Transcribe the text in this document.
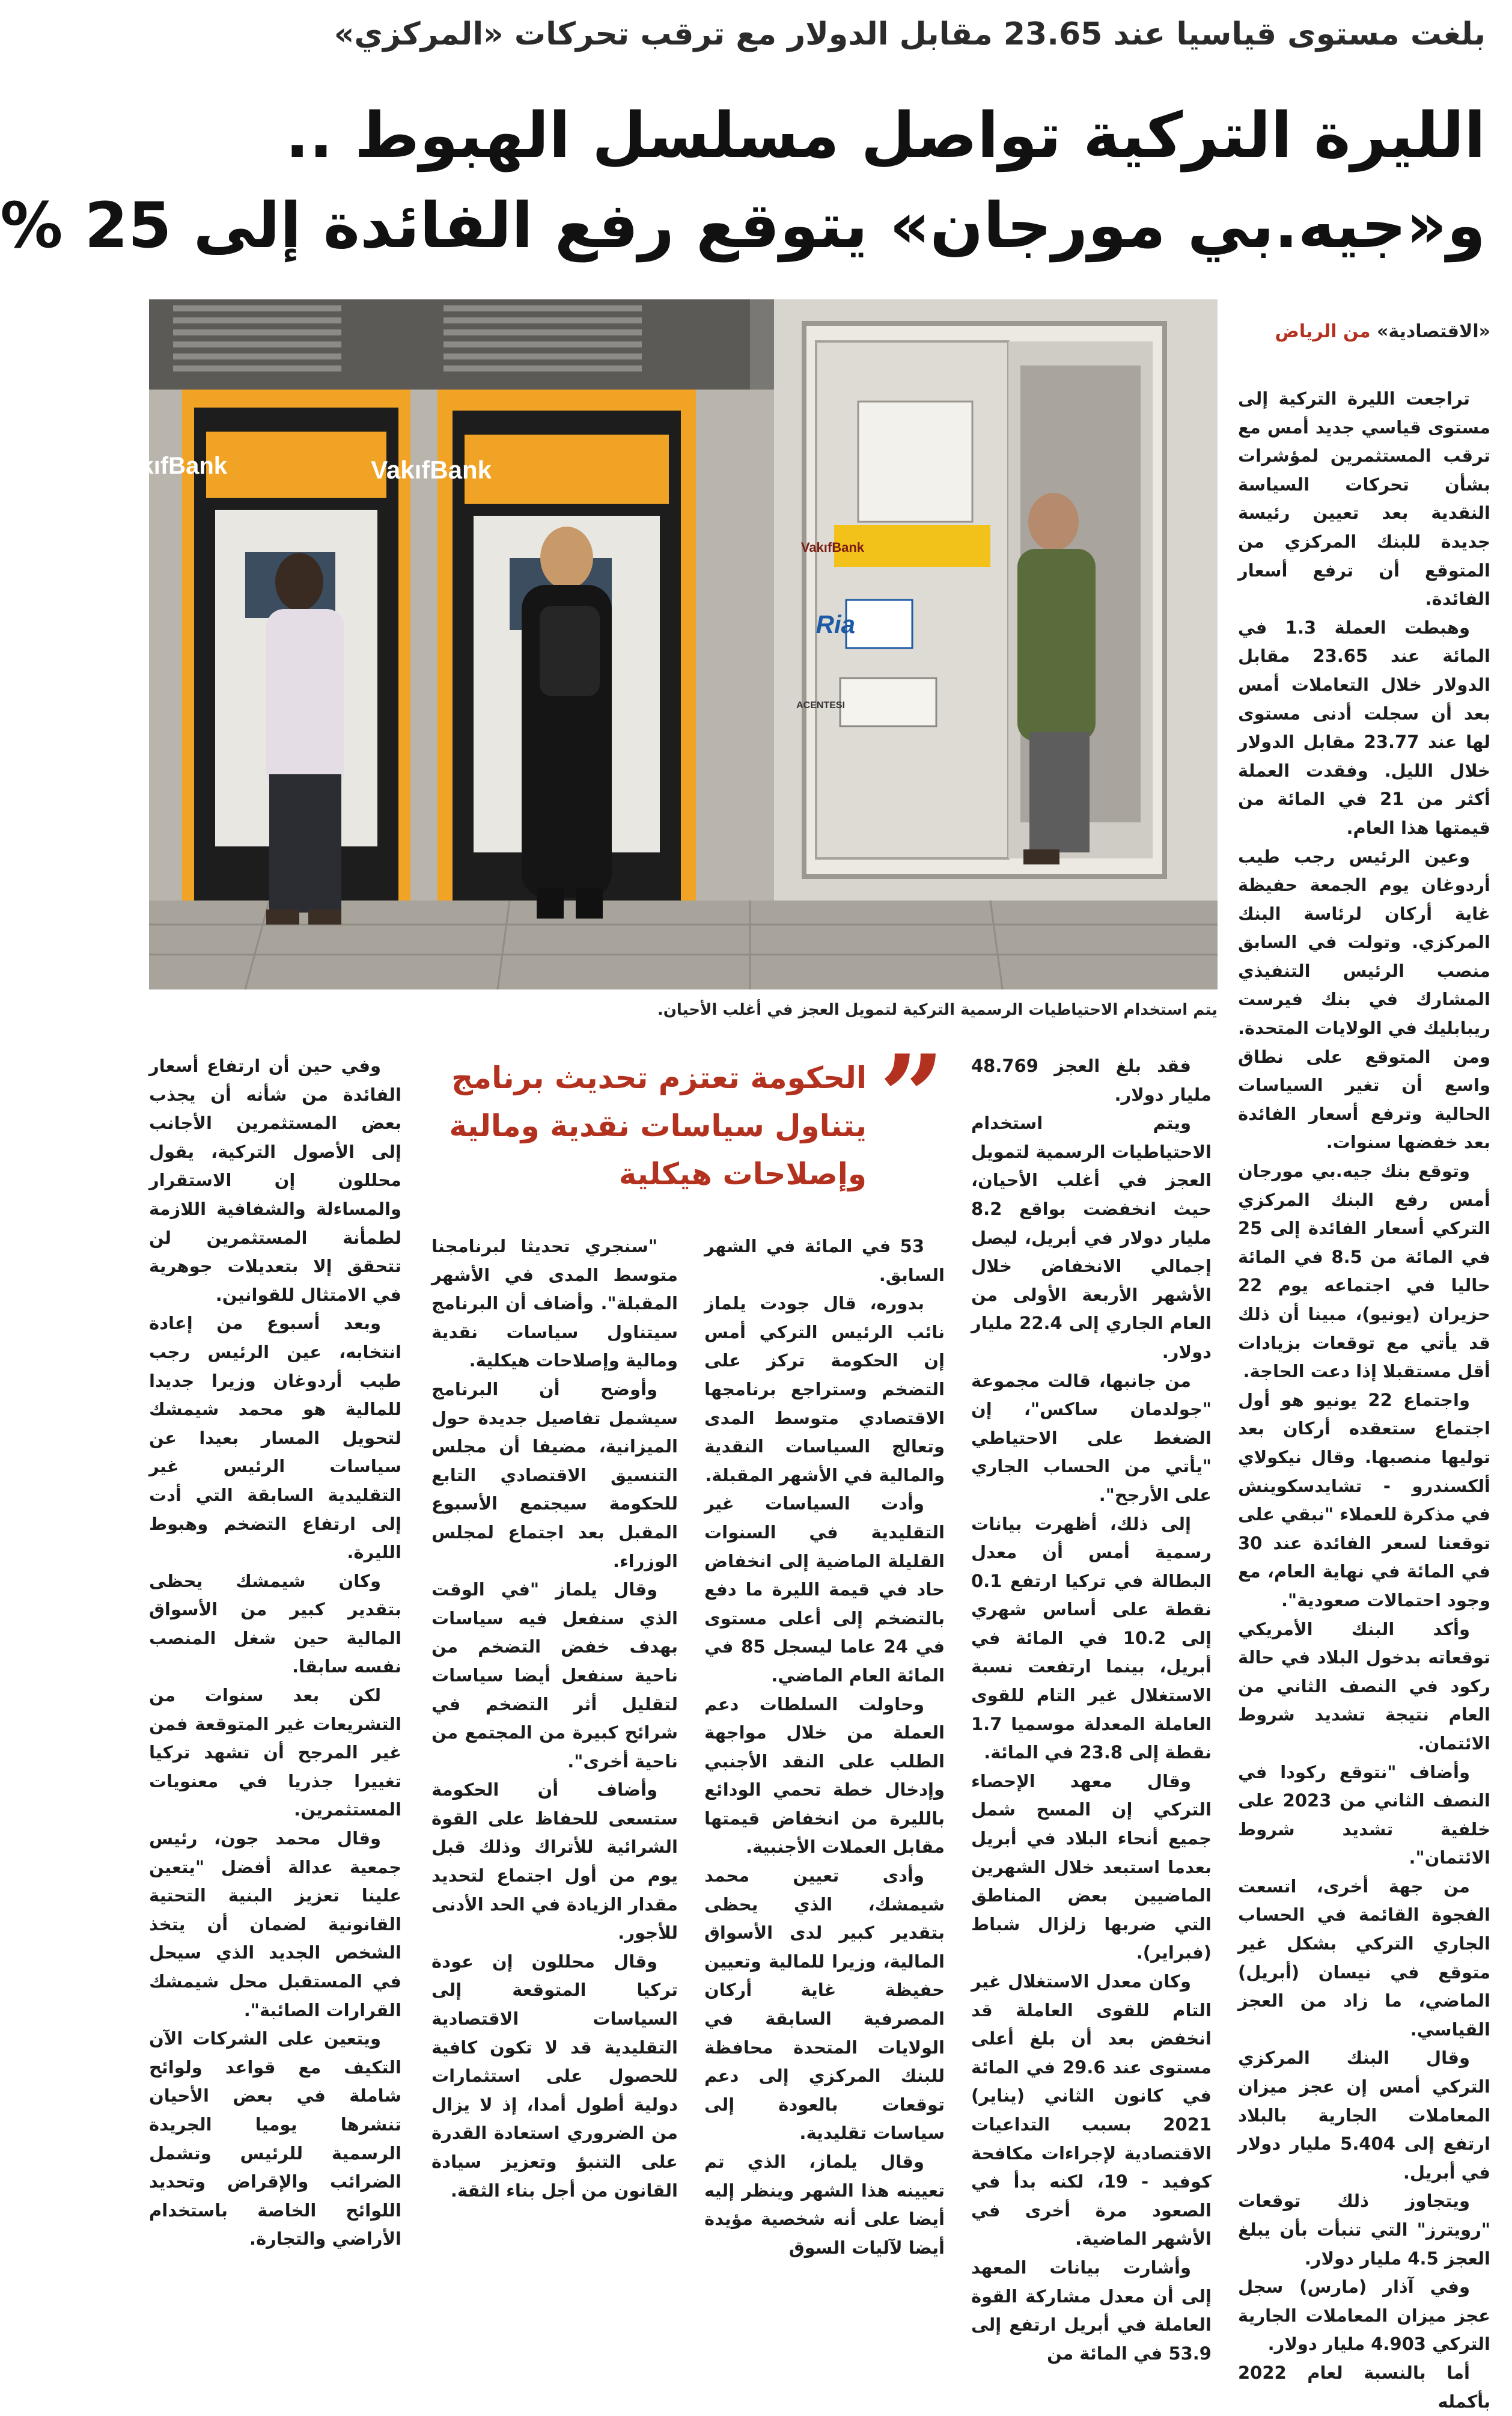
بلغت مستوى قياسيا عند 23.65 مقابل الدولار مع ترقب تحركات «المركزي»
الليرة التركية تواصل مسلسل الهبوط ..
و«جيه.بي مورجان» يتوقع رفع الفائدة إلى 25 %
VakıfBank
Ria
ACENTESI
VakıfBank	VakıfBank
يتم استخدام الاحتياطيات الرسمية التركية لتمويل العجز في أغلب الأحيان.
«الاقتصادية» من الرياض

تراجعت الليرة التركية إلى مستوى قياسي جديد أمس مع ترقب المستثمرين لمؤشرات بشأن تحركات السياسة النقدية بعد تعيين رئيسة جديدة للبنك المركزي من المتوقع أن ترفع أسعار الفائدة.

وهبطت العملة 1.3 في المائة عند 23.65 مقابل الدولار خلال التعاملات أمس بعد أن سجلت أدنى مستوى لها عند 23.77 مقابل الدولار خلال الليل. وفقدت العملة أكثر من 21 في المائة من قيمتها هذا العام.

وعين الرئيس رجب طيب أردوغان يوم الجمعة حفيظة غاية أركان لرئاسة البنك المركزي. وتولت في السابق منصب الرئيس التنفيذي المشارك في بنك فيرست ريبابليك في الولايات المتحدة. ومن المتوقع على نطاق واسع أن تغير السياسات الحالية وترفع أسعار الفائدة بعد خفضها سنوات.

وتوقع بنك جيه.بي مورجان أمس رفع البنك المركزي التركي أسعار الفائدة إلى 25 في المائة من 8.5 في المائة حاليا في اجتماعه يوم 22 حزيران (يونيو)، مبينا أن ذلك قد يأتي مع توقعات بزيادات أقل مستقبلا إذا دعت الحاجة.

واجتماع 22 يونيو هو أول اجتماع ستعقده أركان بعد توليها منصبها. وقال نيكولاي ألكسندرو - تشايدسكوينش في مذكرة للعملاء "نبقي على توقعنا لسعر الفائدة عند 30 في المائة في نهاية العام، مع وجود احتمالات صعودية".

وأكد البنك الأمريكي توقعاته بدخول البلاد في حالة ركود في النصف الثاني من العام نتيجة تشديد شروط الائتمان.

وأضاف "نتوقع ركودا في النصف الثاني من 2023 على خلفية تشديد شروط الائتمان".

من جهة أخرى، اتسعت الفجوة القائمة في الحساب الجاري التركي بشكل غير متوقع في نيسان (أبريل) الماضي، ما زاد من العجز القياسي.

وقال البنك المركزي التركي أمس إن عجز ميزان المعاملات الجارية بالبلاد ارتفع إلى 5.404 مليار دولار في أبريل.

ويتجاوز ذلك توقعات "رويترز" التي تنبأت بأن يبلغ العجز 4.5 مليار دولار.

وفي آذار (مارس) سجل عجز ميزان المعاملات الجارية التركي 4.903 مليار دولار.

أما بالنسبة لعام 2022 بأكمله

فقد بلغ العجز 48.769 مليار دولار.

ويتم استخدام الاحتياطيات الرسمية لتمويل العجز في أغلب الأحيان، حيث انخفضت بواقع 8.2 مليار دولار في أبريل، ليصل إجمالي الانخفاض خلال الأشهر الأربعة الأولى من العام الجاري إلى 22.4 مليار دولار.

من جانبها، قالت مجموعة "جولدمان ساكس"، إن الضغط على الاحتياطي "يأتي من الحساب الجاري على الأرجح".

إلى ذلك، أظهرت بيانات رسمية أمس أن معدل البطالة في تركيا ارتفع 0.1 نقطة على أساس شهري إلى 10.2 في المائة في أبريل، بينما ارتفعت نسبة الاستغلال غير التام للقوى العاملة المعدلة موسميا 1.7 نقطة إلى 23.8 في المائة.

وقال معهد الإحصاء التركي إن المسح شمل جميع أنحاء البلاد في أبريل بعدما استبعد خلال الشهرين الماضيين بعض المناطق التي ضربها زلزال شباط (فبراير).

وكان معدل الاستغلال غير التام للقوى العاملة قد انخفض بعد أن بلغ أعلى مستوى عند 29.6 في المائة في كانون الثاني (يناير) 2021 بسبب التداعيات الاقتصادية لإجراءات مكافحة كوفيد - 19، لكنه بدأ في الصعود مرة أخرى في الأشهر الماضية.

وأشارت بيانات المعهد إلى أن معدل مشاركة القوة العاملة في أبريل ارتفع إلى 53.9 في المائة من

”
الحكومة تعتزم تحديث برنامج يتناول سياسات نقدية ومالية وإصلاحات هيكلية

53 في المائة في الشهر السابق.

بدوره، قال جودت يلماز نائب الرئيس التركي أمس إن الحكومة تركز على التضخم وستراجع برنامجها الاقتصادي متوسط المدى وتعالج السياسات النقدية والمالية في الأشهر المقبلة.

وأدت السياسات غير التقليدية في السنوات القليلة الماضية إلى انخفاض حاد في قيمة الليرة ما دفع بالتضخم إلى أعلى مستوى في 24 عاما ليسجل 85 في المائة العام الماضي.

وحاولت السلطات دعم العملة من خلال مواجهة الطلب على النقد الأجنبي وإدخال خطة تحمي الودائع بالليرة من انخفاض قيمتها مقابل العملات الأجنبية.

وأدى تعيين محمد شيمشك، الذي يحظى بتقدير كبير لدى الأسواق المالية، وزيرا للمالية وتعيين حفيظة غاية أركان المصرفية السابقة في الولايات المتحدة محافظة للبنك المركزي إلى دعم توقعات بالعودة إلى سياسات تقليدية.

وقال يلماز، الذي تم تعيينه هذا الشهر وينظر إليه أيضا على أنه شخصية مؤيدة أيضا لآليات السوق

"سنجري تحديثا لبرنامجنا متوسط المدى في الأشهر المقبلة". وأضاف أن البرنامج سيتناول سياسات نقدية ومالية وإصلاحات هيكلية.

وأوضح أن البرنامج سيشمل تفاصيل جديدة حول الميزانية، مضيفا أن مجلس التنسيق الاقتصادي التابع للحكومة سيجتمع الأسبوع المقبل بعد اجتماع لمجلس الوزراء.

وقال يلماز "في الوقت الذي سنفعل فيه سياسات بهدف خفض التضخم من ناحية سنفعل أيضا سياسات لتقليل أثر التضخم في شرائح كبيرة من المجتمع من ناحية أخرى".

وأضاف أن الحكومة ستسعى للحفاظ على القوة الشرائية للأتراك وذلك قبل يوم من أول اجتماع لتحديد مقدار الزيادة في الحد الأدنى للأجور.

وقال محللون إن عودة تركيا المتوقعة إلى السياسات الاقتصادية التقليدية قد لا تكون كافية للحصول على استثمارات دولية أطول أمدا، إذ لا يزال من الضروري استعادة القدرة على التنبؤ وتعزيز سيادة القانون من أجل بناء الثقة.

وفي حين أن ارتفاع أسعار الفائدة من شأنه أن يجذب بعض المستثمرين الأجانب إلى الأصول التركية، يقول محللون إن الاستقرار والمساءلة والشفافية اللازمة لطمأنة المستثمرين لن تتحقق إلا بتعديلات جوهرية في الامتثال للقوانين.

وبعد أسبوع من إعادة انتخابه، عين الرئيس رجب طيب أردوغان وزيرا جديدا للمالية هو محمد شيمشك لتحويل المسار بعيدا عن سياسات الرئيس غير التقليدية السابقة التي أدت إلى ارتفاع التضخم وهبوط الليرة.

وكان شيمشك يحظى بتقدير كبير من الأسواق المالية حين شغل المنصب نفسه سابقا.

لكن بعد سنوات من التشريعات غير المتوقعة فمن غير المرجح أن تشهد تركيا تغييرا جذريا في معنويات المستثمرين.

وقال محمد جون، رئيس جمعية عدالة أفضل "يتعين علينا تعزيز البنية التحتية القانونية لضمان أن يتخذ الشخص الجديد الذي سيحل في المستقبل محل شيمشك القرارات الصائبة".

ويتعين على الشركات الآن التكيف مع قواعد ولوائح شاملة في بعض الأحيان تنشرها يوميا الجريدة الرسمية للرئيس وتشمل الضرائب والإقراض وتحديد اللوائح الخاصة باستخدام الأراضي والتجارة.
